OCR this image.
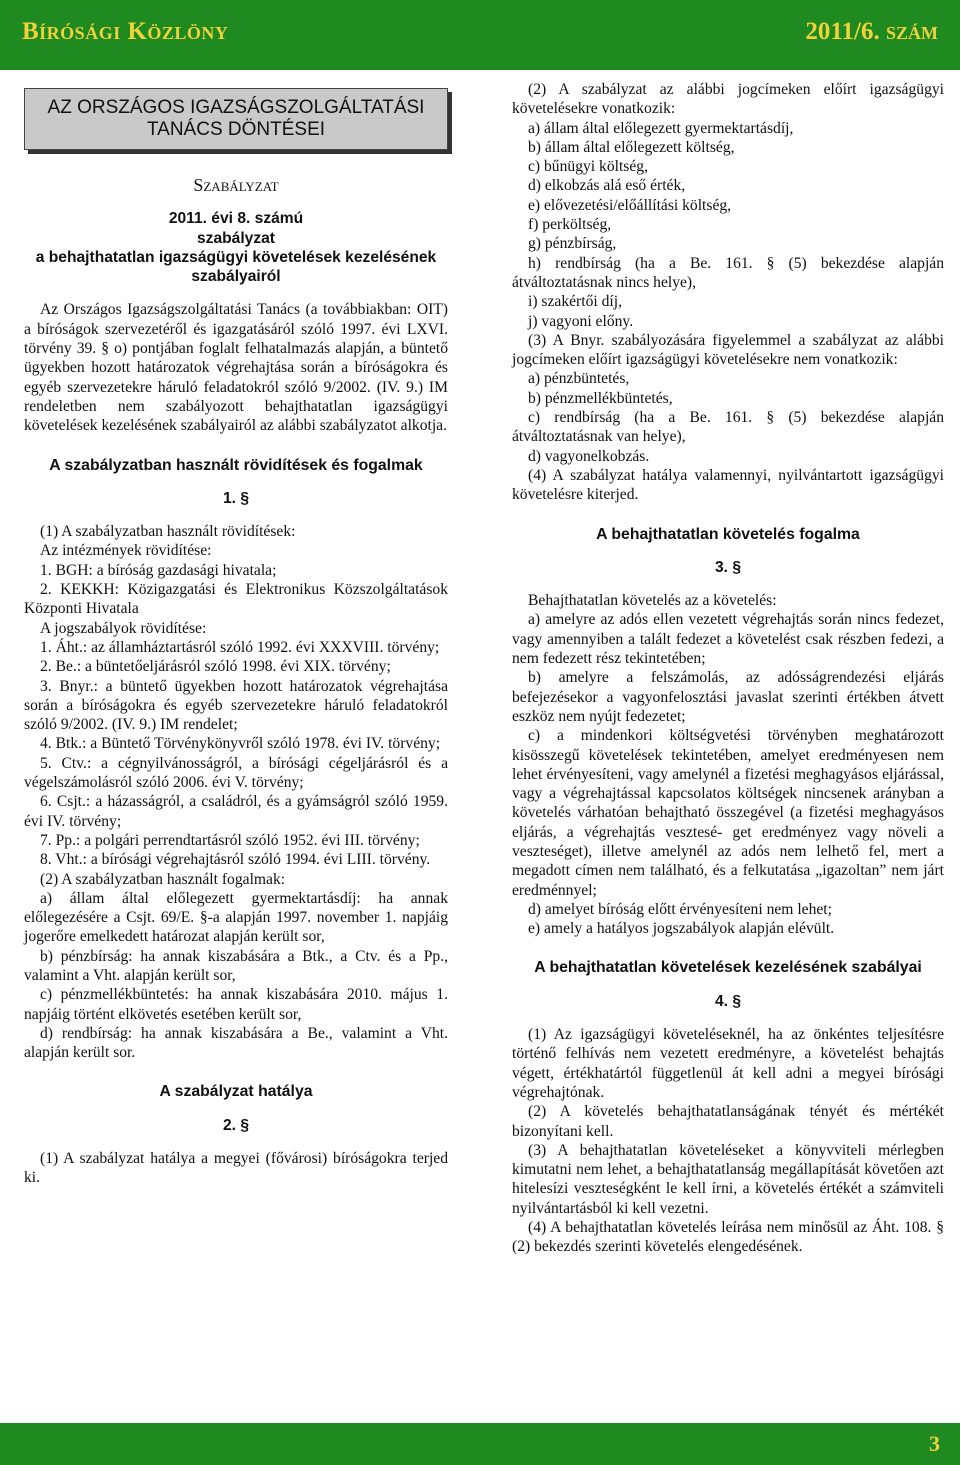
Bírósági Közlöny	2011/6. szám
AZ ORSZÁGOS IGAZSÁGSZOLGÁLTATÁSI
TANÁCS DÖNTÉSEI

Szabályzat

2011. évi 8. számú

szabályzat

a behajthatatlan igazságügyi követelések kezelésének

szabályairól

Az Országos Igazságszolgáltatási Tanács (a továbbiakban: OIT) a bíróságok szervezetéről és igazgatásáról szóló 1997. évi LXVI. törvény 39. § o) pontjában foglalt felhatalmazás alapján, a büntető ügyekben hozott határozatok végrehajtása során a bíróságokra és egyéb szervezetekre háruló feladatokról szóló 9/2002. (IV. 9.) IM rendeletben nem szabályozott behajthatatlan igazságügyi követelések kezelésének szabályairól az alábbi szabályzatot alkotja.

A szabályzatban használt rövidítések és fogalmak

1. §

(1) A szabályzatban használt rövidítések:

Az intézmények rövidítése:

1. BGH: a bíróság gazdasági hivatala;

2. KEKKH: Közigazgatási és Elektronikus Közszolgáltatások Központi Hivatala

A jogszabályok rövidítése:

1. Áht.: az államháztartásról szóló 1992. évi XXXVIII. törvény;

2. Be.: a büntetőeljárásról szóló 1998. évi XIX. törvény;

3. Bnyr.: a büntető ügyekben hozott határozatok végrehajtása során a bíróságokra és egyéb szervezetekre háruló feladatokról szóló 9/2002. (IV. 9.) IM rendelet;

4. Btk.: a Büntető Törvénykönyvről szóló 1978. évi IV. törvény;

5. Ctv.: a cégnyilvánosságról, a bírósági cégeljárásról és a végelszámolásról szóló 2006. évi V. törvény;

6. Csjt.: a házasságról, a családról, és a gyámságról szóló 1959. évi IV. törvény;

7. Pp.: a polgári perrendtartásról szóló 1952. évi III. törvény;

8. Vht.: a bírósági végrehajtásról szóló 1994. évi LIII. törvény.

(2) A szabályzatban használt fogalmak:

a) állam által előlegezett gyermektartásdíj: ha annak előlegezésére a Csjt. 69/E. §-a alapján 1997. november 1. napjáig jogerőre emelkedett határozat alapján került sor,

b) pénzbírság: ha annak kiszabására a Btk., a Ctv. és a Pp., valamint a Vht. alapján került sor,

c) pénzmellékbüntetés: ha annak kiszabására 2010. május 1. napjáig történt elkövetés esetében került sor,

d) rendbírság: ha annak kiszabására a Be., valamint a Vht. alapján került sor.

A szabályzat hatálya

2. §

(1) A szabályzat hatálya a megyei (fővárosi) bíróságokra terjed ki.

(2) A szabályzat az alábbi jogcímeken előírt igazságügyi követelésekre vonatkozik:

a) állam által előlegezett gyermektartásdíj,

b) állam által előlegezett költség,

c) bűnügyi költség,

d) elkobzás alá eső érték,

e) elővezetési/előállítási költség,

f) perköltség,

g) pénzbírság,

h) rendbírság (ha a Be. 161. § (5) bekezdése alapján átváltoztatásnak nincs helye),

i) szakértői díj,

j) vagyoni előny.

(3) A Bnyr. szabályozására figyelemmel a szabályzat az alábbi jogcímeken előírt igazságügyi követelésekre nem vonatkozik:

a) pénzbüntetés,

b) pénzmellékbüntetés,

c) rendbírság (ha a Be. 161. § (5) bekezdése alapján átváltoztatásnak van helye),

d) vagyonelkobzás.

(4) A szabályzat hatálya valamennyi, nyilvántartott igazságügyi követelésre kiterjed.

A behajthatatlan követelés fogalma

3. §

Behajthatatlan követelés az a követelés:

a) amelyre az adós ellen vezetett végrehajtás során nincs fedezet, vagy amennyiben a talált fedezet a követelést csak részben fedezi, a nem fedezett rész tekintetében;

b) amelyre a felszámolás, az adósságrendezési eljárás befejezésekor a vagyonfelosztási javaslat szerinti értékben átvett eszköz nem nyújt fedezetet;

c) a mindenkori költségvetési törvényben meghatározott kisösszegű követelések tekintetében, amelyet eredményesen nem lehet érvényesíteni, vagy amelynél a fizetési meghagyásos eljárással, vagy a végrehajtással kapcsolatos költségek nincsenek arányban a követelés várhatóan behajtható összegével (a fizetési meghagyásos eljárás, a végrehajtás vesztesé- get eredményez vagy növeli a veszteséget), illetve amelynél az adós nem lelhető fel, mert a megadott címen nem található, és a felkutatása „igazoltan” nem járt eredménnyel;

d) amelyet bíróság előtt érvényesíteni nem lehet;

e) amely a hatályos jogszabályok alapján elévült.

A behajthatatlan követelések kezelésének szabályai

4. §

(1) Az igazságügyi követeléseknél, ha az önkéntes teljesítésre történő felhívás nem vezetett eredményre, a követelést behajtás végett, értékhatártól függetlenül át kell adni a megyei bírósági végrehajtónak.

(2) A követelés behajthatatlanságának tényét és mértékét bizonyítani kell.

(3) A behajthatatlan követeléseket a könyvviteli mérlegben kimutatni nem lehet, a behajthatatlanság megállapítását követően azt hitelesízi veszteségként le kell írni, a követelés értékét a számviteli nyilvántartásból ki kell vezetni.

(4) A behajthatatlan követelés leírása nem minősül az Áht. 108. § (2) bekezdés szerinti követelés elengedésének.

3
